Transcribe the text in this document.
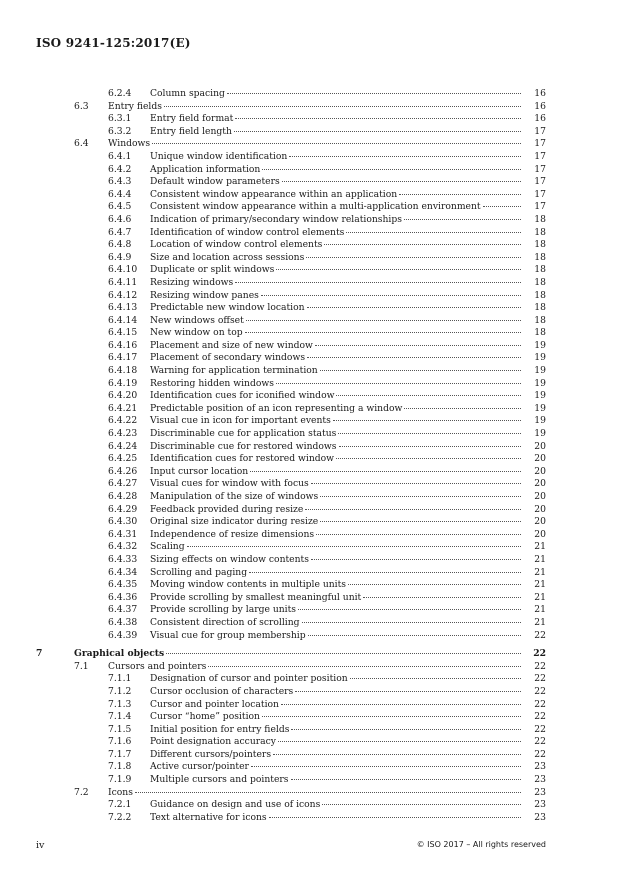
ISO 9241-125:2017(E)
6.2.4 Column spacing	16
6.3 Entry fields	16
6.3.1 Entry field format	16
6.3.2 Entry field length	17
6.4 Windows	17
6.4.1 Unique window identification	17
6.4.2 Application information	17
6.4.3 Default window parameters	17
6.4.4 Consistent window appearance within an application	17
6.4.5 Consistent window appearance within a multi-application environment	17
6.4.6 Indication of primary/secondary window relationships	18
6.4.7 Identification of window control elements	18
6.4.8 Location of window control elements	18
6.4.9 Size and location across sessions	18
6.4.10 Duplicate or split windows	18
6.4.11 Resizing windows	18
6.4.12 Resizing window panes	18
6.4.13 Predictable new window location	18
6.4.14 New windows offset	18
6.4.15 New window on top	18
6.4.16 Placement and size of new window	19
6.4.17 Placement of secondary windows	19
6.4.18 Warning for application termination	19
6.4.19 Restoring hidden windows	19
6.4.20 Identification cues for iconified window	19
6.4.21 Predictable position of an icon representing a window	19
6.4.22 Visual cue in icon for important events	19
6.4.23 Discriminable cue for application status	19
6.4.24 Discriminable cue for restored windows	20
6.4.25 Identification cues for restored window	20
6.4.26 Input cursor location	20
6.4.27 Visual cues for window with focus	20
6.4.28 Manipulation of the size of windows	20
6.4.29 Feedback provided during resize	20
6.4.30 Original size indicator during resize	20
6.4.31 Independence of resize dimensions	20
6.4.32 Scaling	21
6.4.33 Sizing effects on window contents	21
6.4.34 Scrolling and paging	21
6.4.35 Moving window contents in multiple units	21
6.4.36 Provide scrolling by smallest meaningful unit	21
6.4.37 Provide scrolling by large units	21
6.4.38 Consistent direction of scrolling	21
6.4.39 Visual cue for group membership	22
7	Graphical objects	22
7.1 Cursors and pointers	22
7.1.1 Designation of cursor and pointer position	22
7.1.2 Cursor occlusion of characters	22
7.1.3 Cursor and pointer location	22
7.1.4 Cursor “home” position	22
7.1.5 Initial position for entry fields	22
7.1.6 Point designation accuracy	22
7.1.7 Different cursors/pointers	22
7.1.8 Active cursor/pointer	23
7.1.9 Multiple cursors and pointers	23
7.2 Icons	23
7.2.1 Guidance on design and use of icons	23
7.2.2 Text alternative for icons	23
iv	© ISO 2017 – All rights reserved
